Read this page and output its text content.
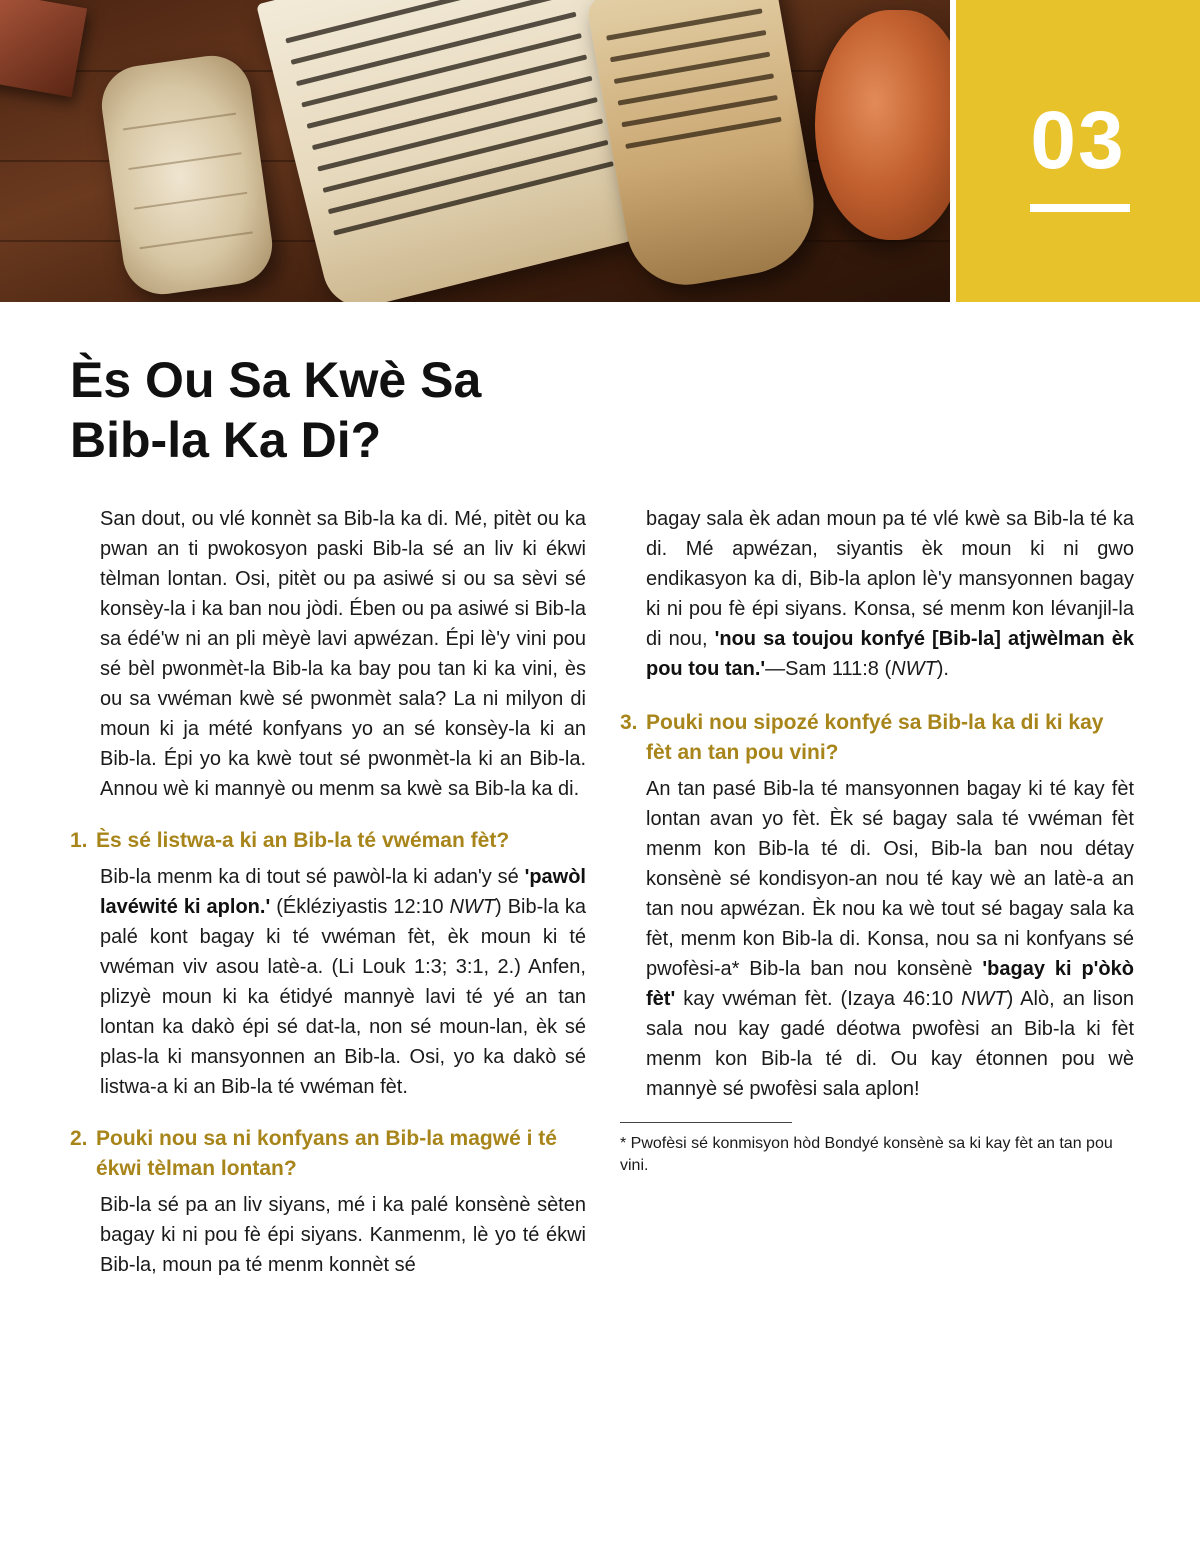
03
Ès Ou Sa Kwè Sa
Bib-la Ka Di?

San dout, ou vlé konnèt sa Bib-la ka di. Mé, pitèt ou ka pwan an ti pwokosyon paski Bib-la sé an liv ki ékwi tèlman lontan. Osi, pitèt ou pa asiwé si ou sa sèvi sé konsèy-la i ka ban nou jòdi. Ében ou pa asiwé si Bib-la sa édé'w ni an pli mèyè lavi apwézan. Épi lè'y vini pou sé bèl pwonmèt-la Bib-la ka bay pou tan ki ka vini, ès ou sa vwéman kwè sé pwonmèt sala? La ni milyon di moun ki ja mété konfyans yo an sé konsèy-la ki an Bib-la. Épi yo ka kwè tout sé pwonmèt-la ki an Bib-la. Annou wè ki mannyè ou menm sa kwè sa Bib-la ka di.

1. Ès sé listwa-a ki an Bib-la té vwéman fèt?

Bib-la menm ka di tout sé pawòl-la ki adan'y sé 'pawòl lavéwité ki aplon.' (Ékléziyastis 12:10 NWT) Bib-la ka palé kont bagay ki té vwéman fèt, èk moun ki té vwéman viv asou latè-a. (Li Louk 1:3; 3:1, 2.) Anfen, plizyè moun ki ka étidyé mannyè lavi té yé an tan lontan ka dakò épi sé dat-la, non sé moun-lan, èk sé plas-la ki mansyonnen an Bib-la. Osi, yo ka dakò sé listwa-a ki an Bib-la té vwéman fèt.

2. Pouki nou sa ni konfyans an Bib-la magwé i té ékwi tèlman lontan?

Bib-la sé pa an liv siyans, mé i ka palé konsènè sèten bagay ki ni pou fè épi siyans. Kanmenm, lè yo té ékwi Bib-la, moun pa té menm konnèt sé

bagay sala èk adan moun pa té vlé kwè sa Bib-la té ka di. Mé apwézan, siyantis èk moun ki ni gwo endikasyon ka di, Bib-la aplon lè'y mansyonnen bagay ki ni pou fè épi siyans. Konsa, sé menm kon lévanjil-la di nou, 'nou sa toujou konfyé [Bib-la] atjwèlman èk pou tou tan.'—Sam 111:8 (NWT).

3. Pouki nou sipozé konfyé sa Bib-la ka di ki kay fèt an tan pou vini?

An tan pasé Bib-la té mansyonnen bagay ki té kay fèt lontan avan yo fèt. Èk sé bagay sala té vwéman fèt menm kon Bib-la té di. Osi, Bib-la ban nou détay konsènè sé kondisyon-an nou té kay wè an latè-a an tan nou apwézan. Èk nou ka wè tout sé bagay sala ka fèt, menm kon Bib-la di. Konsa, nou sa ni konfyans sé pwofèsi-a* Bib-la ban nou konsènè 'bagay ki p'òkò fèt' kay vwéman fèt. (Izaya 46:10 NWT) Alò, an lison sala nou kay gadé déotwa pwofèsi an Bib-la ki fèt menm kon Bib-la té di. Ou kay étonnen pou wè mannyè sé pwofèsi sala aplon!

* Pwofèsi sé konmisyon hòd Bondyé konsènè sa ki kay fèt an tan pou vini.
